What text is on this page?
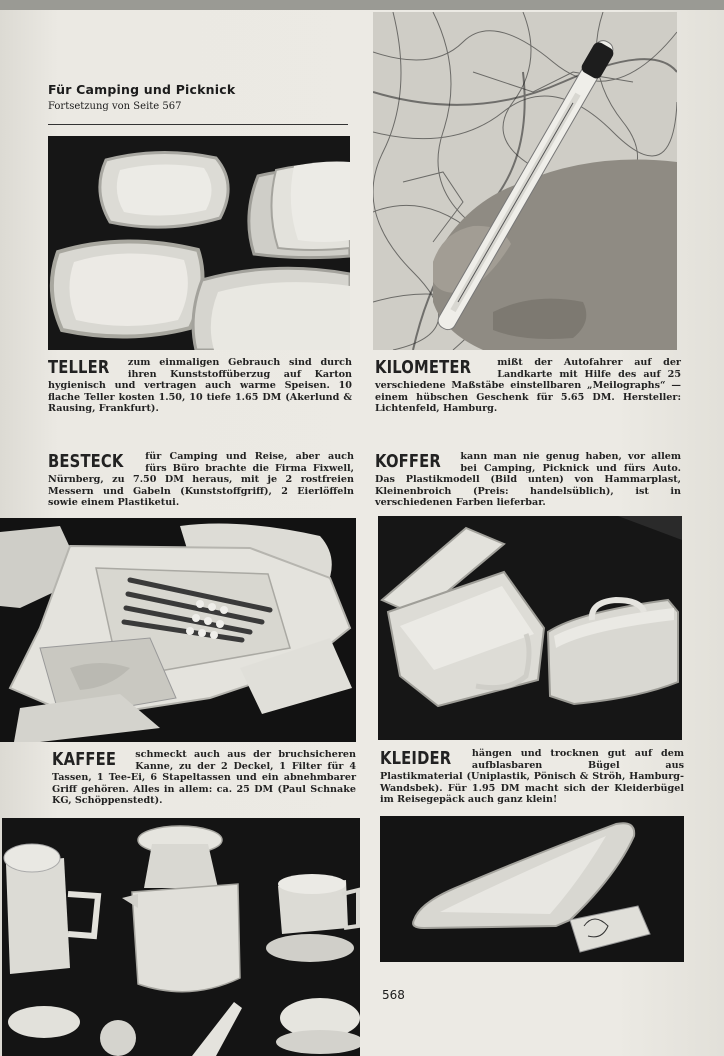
Für Camping und Picknick
Fortsetzung von Seite 567
TELLER zum einmaligen Gebrauch sind durch ihren Kunststoffüberzug auf Karton hygienisch und vertragen auch warme Speisen. 10 flache Teller kosten 1.50, 10 tiefe 1.65 DM (Akerlund & Rausing, Frankfurt).
KILOMETER	mißt der Autofahrer auf der Landkarte mit Hilfe des auf 25 verschiedene Maßstäbe einstellbaren „Meilographs“ — einem hübschen Geschenk für 5.65 DM. Hersteller: Lichtenfeld, Hamburg.
BESTECK für Camping und Reise, aber auch fürs Büro brachte die Firma Fixwell, Nürnberg, zu 7.50 DM heraus, mit je 2 rostfreien Messern und Gabeln (Kunststoffgriff), 2 Eierlöffeln sowie einem Plastiketui.
KOFFER kann man nie genug haben, vor allem bei Camping, Picknick und fürs Auto. Das Plastikmodell (Bild unten) von Hammarplast, Kleinenbroich (Preis: handelsüblich), ist in verschiedenen Farben lieferbar.
KAFFEE schmeckt auch aus der bruchsicheren Kanne, zu der 2 Deckel, 1 Filter für 4 Tassen, 1 Tee-Ei, 6 Stapeltassen und ein abnehmbarer Griff gehören. Alles in allem: ca. 25 DM (Paul Schnake KG, Schöppenstedt).
KLEIDER hängen und trocknen gut auf dem aufblasbaren Bügel aus Plastikmaterial (Uniplastik, Pönisch & Ströh, Hamburg-Wandsbek). Für 1.95 DM macht sich der Kleiderbügel im Reisegepäck auch ganz klein!
568
